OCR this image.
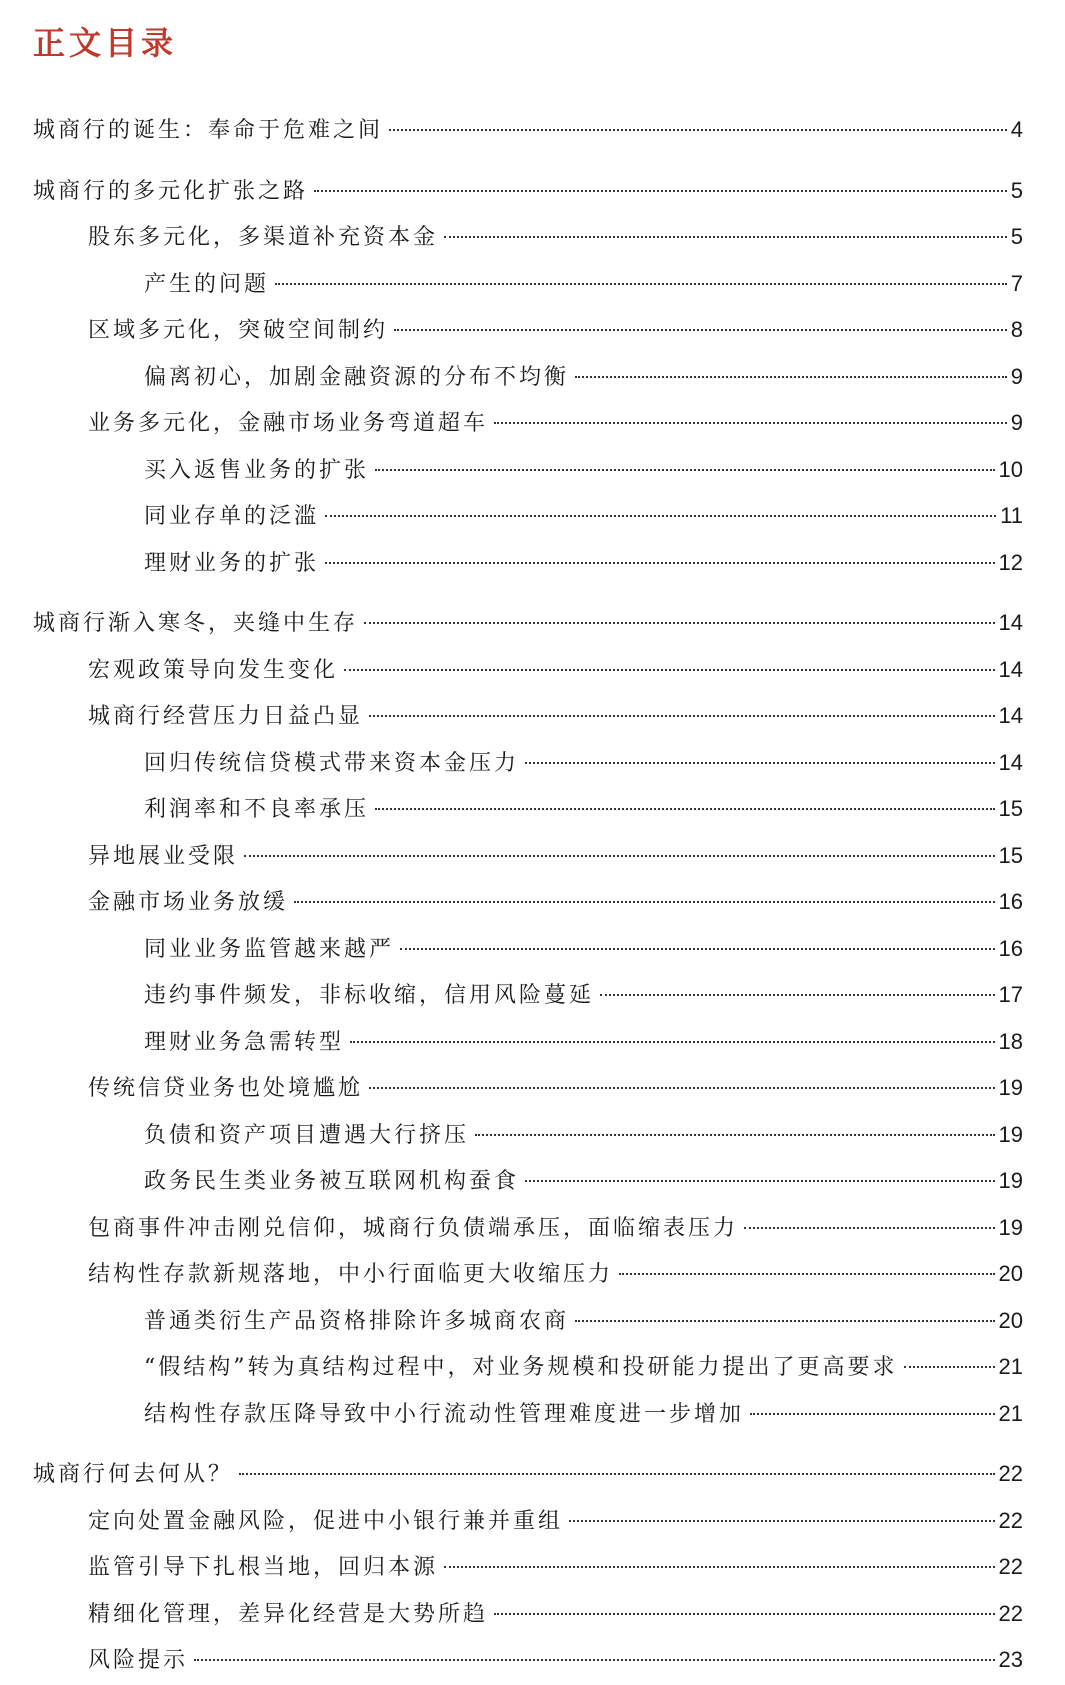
正文目录
城商行的诞生：奉命于危难之间	4
城商行的多元化扩张之路	5
股东多元化，多渠道补充资本金	5
产生的问题	7
区域多元化，突破空间制约	8
偏离初心，加剧金融资源的分布不均衡	9
业务多元化，金融市场业务弯道超车	9
买入返售业务的扩张	10
同业存单的泛滥	11
理财业务的扩张	12
城商行渐入寒冬，夹缝中生存	14
宏观政策导向发生变化	14
城商行经营压力日益凸显	14
回归传统信贷模式带来资本金压力	14
利润率和不良率承压	15
异地展业受限	15
金融市场业务放缓	16
同业业务监管越来越严	16
违约事件频发，非标收缩，信用风险蔓延	17
理财业务急需转型	18
传统信贷业务也处境尴尬	19
负债和资产项目遭遇大行挤压	19
政务民生类业务被互联网机构蚕食	19
包商事件冲击刚兑信仰，城商行负债端承压，面临缩表压力	19
结构性存款新规落地，中小行面临更大收缩压力	20
普通类衍生产品资格排除许多城商农商	20
“假结构”转为真结构过程中，对业务规模和投研能力提出了更高要求	21
结构性存款压降导致中小行流动性管理难度进一步增加	21
城商行何去何从？	22
定向处置金融风险，促进中小银行兼并重组	22
监管引导下扎根当地，回归本源	22
精细化管理，差异化经营是大势所趋	22
风险提示	23
